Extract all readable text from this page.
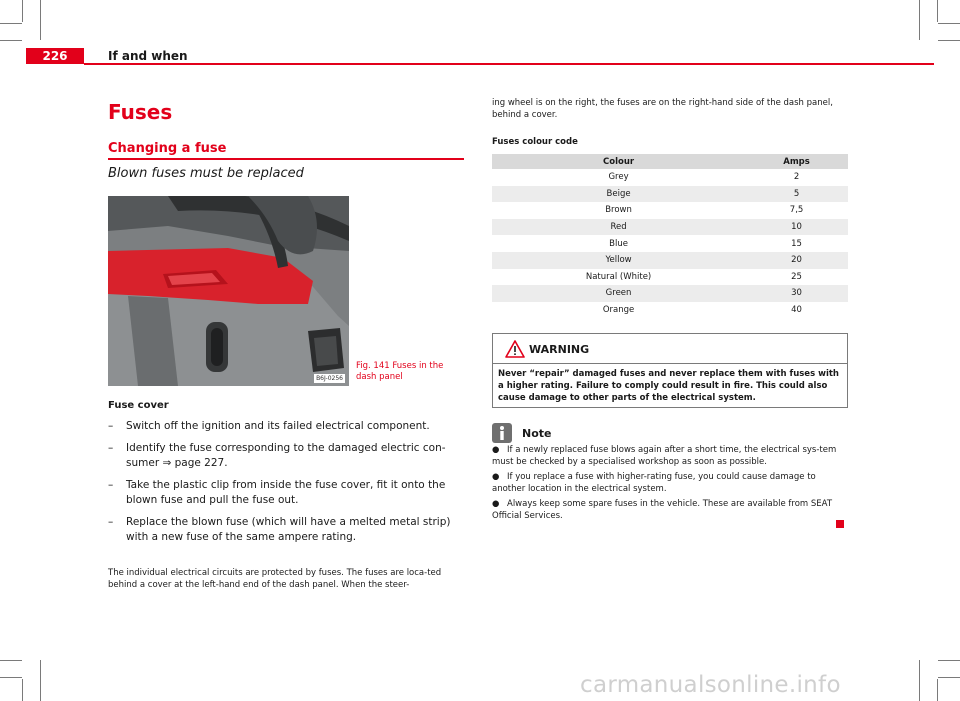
226	If and when
Fuses
Changing a fuse
Blown fuses must be replaced
B6J-0256
Fig. 141 Fuses in the dash panel
Fuse cover
– Switch off the ignition and its failed electrical component.
– Identify the fuse corresponding to the damaged electric con-sumer ⇒ page 227.
– Take the plastic clip from inside the fuse cover, fit it onto the blown fuse and pull the fuse out.
– Replace the blown fuse (which will have a melted metal strip) with a new fuse of the same ampere rating.
The individual electrical circuits are protected by fuses. The fuses are loca-ted behind a cover at the left-hand end of the dash panel. When the steer-
ing wheel is on the right, the fuses are on the right-hand side of the dash panel, behind a cover.
Fuses colour code
Colour	Amps
Grey	2
Beige	5
Brown	7,5
Red	10
Blue	15
Yellow	20
Natural (White)	25
Green	30
Orange	40
WARNING
Never “repair” damaged fuses and never replace them with fuses with a higher rating. Failure to comply could result in fire. This could also cause damage to other parts of the electrical system.
Note
● If a newly replaced fuse blows again after a short time, the electrical sys-tem must be checked by a specialised workshop as soon as possible.
● If you replace a fuse with higher-rating fuse, you could cause damage to another location in the electrical system.
● Always keep some spare fuses in the vehicle. These are available from SEAT Official Services.
carmanualsonline.info
